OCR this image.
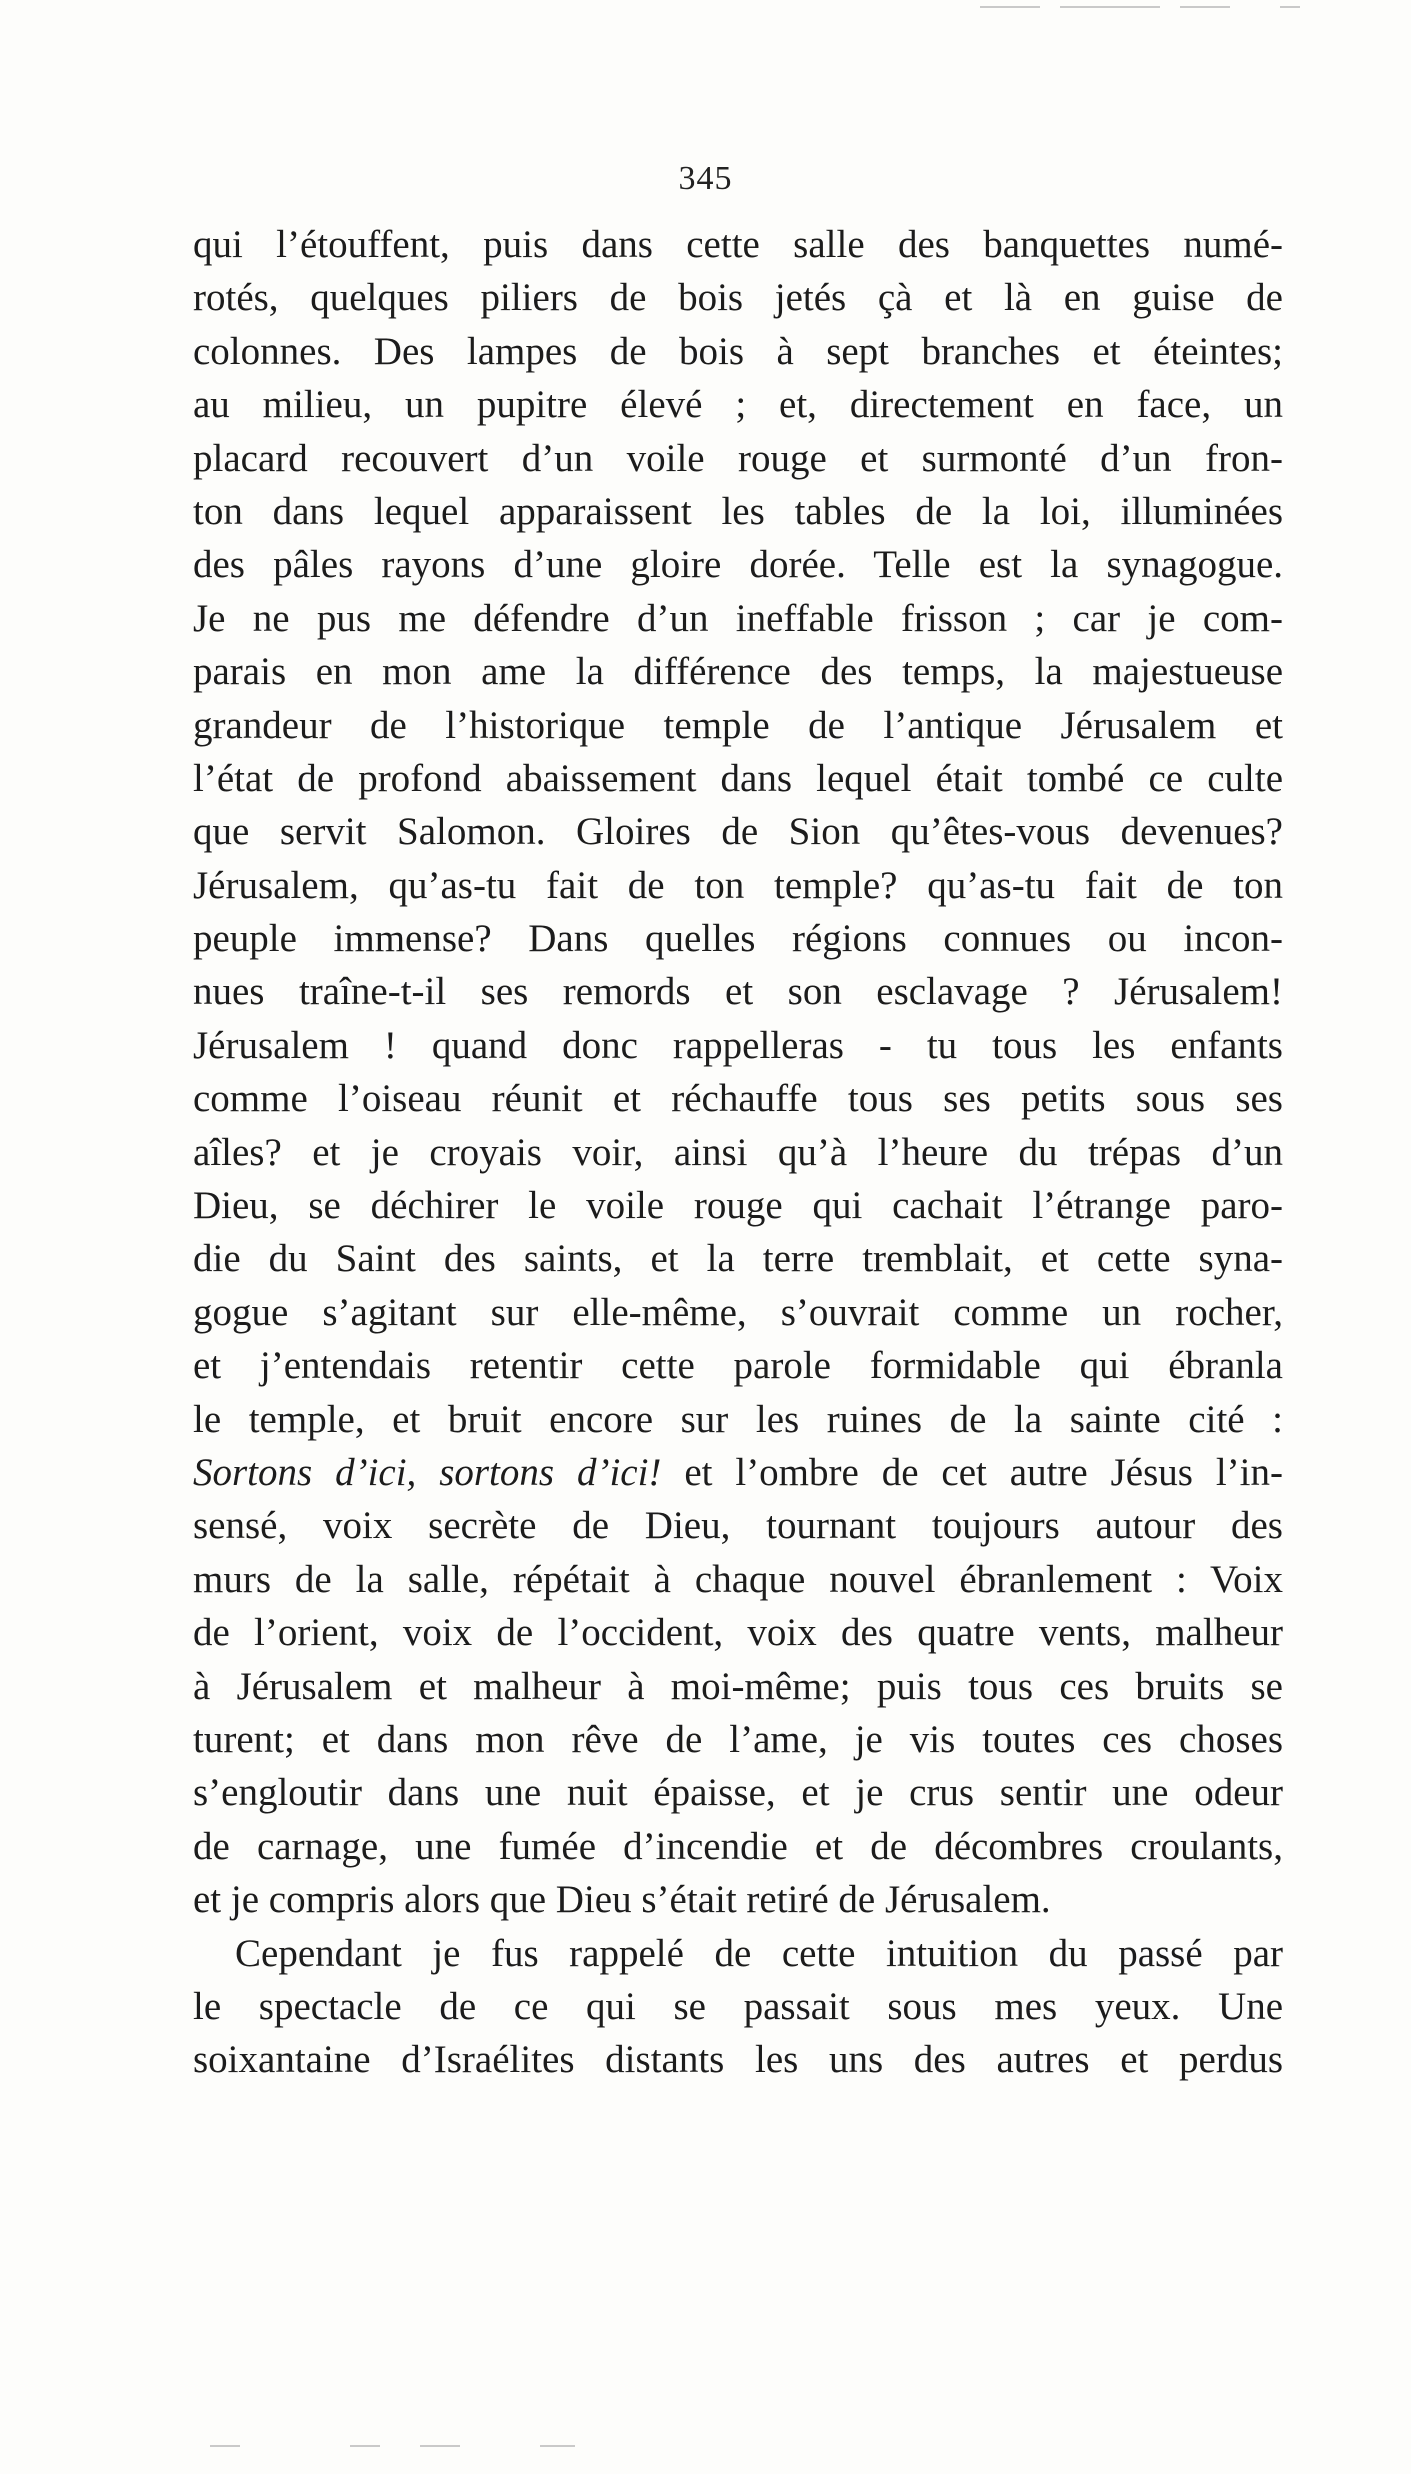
345
qui l’étouffent, puis dans cette salle des banquettes numé-
rotés, quelques piliers de bois jetés çà et là en guise de
colonnes. Des lampes de bois à sept branches et éteintes;
au milieu, un pupitre élevé ; et, directement en face, un
placard recouvert d’un voile rouge et surmonté d’un fron-
ton dans lequel apparaissent les tables de la loi, illuminées
des pâles rayons d’une gloire dorée. Telle est la synagogue.
Je ne pus me défendre d’un ineffable frisson ; car je com-
parais en mon ame la différence des temps, la majestueuse
grandeur de l’historique temple de l’antique Jérusalem et
l’état de profond abaissement dans lequel était tombé ce culte
que servit Salomon. Gloires de Sion qu’êtes-vous devenues?
Jérusalem, qu’as-tu fait de ton temple? qu’as-tu fait de ton
peuple immense? Dans quelles régions connues ou incon-
nues traîne-t-il ses remords et son esclavage ? Jérusalem!
Jérusalem ! quand donc rappelleras - tu tous les enfants
comme l’oiseau réunit et réchauffe tous ses petits sous ses
aîles? et je croyais voir, ainsi qu’à l’heure du trépas d’un
Dieu, se déchirer le voile rouge qui cachait l’étrange paro-
die du Saint des saints, et la terre tremblait, et cette syna-
gogue s’agitant sur elle-même, s’ouvrait comme un rocher,
et j’entendais retentir cette parole formidable qui ébranla
le temple, et bruit encore sur les ruines de la sainte cité :
Sortons d’ici, sortons d’ici! et l’ombre de cet autre Jésus l’in-
sensé, voix secrète de Dieu, tournant toujours autour des
murs de la salle, répétait à chaque nouvel ébranlement : Voix
de l’orient, voix de l’occident, voix des quatre vents, malheur
à Jérusalem et malheur à moi-même; puis tous ces bruits se
turent; et dans mon rêve de l’ame, je vis toutes ces choses
s’engloutir dans une nuit épaisse, et je crus sentir une odeur
de carnage, une fumée d’incendie et de décombres croulants,
et je compris alors que Dieu s’était retiré de Jérusalem.
Cependant je fus rappelé de cette intuition du passé par
le spectacle de ce qui se passait sous mes yeux. Une
soixantaine d’Israélites distants les uns des autres et perdus
